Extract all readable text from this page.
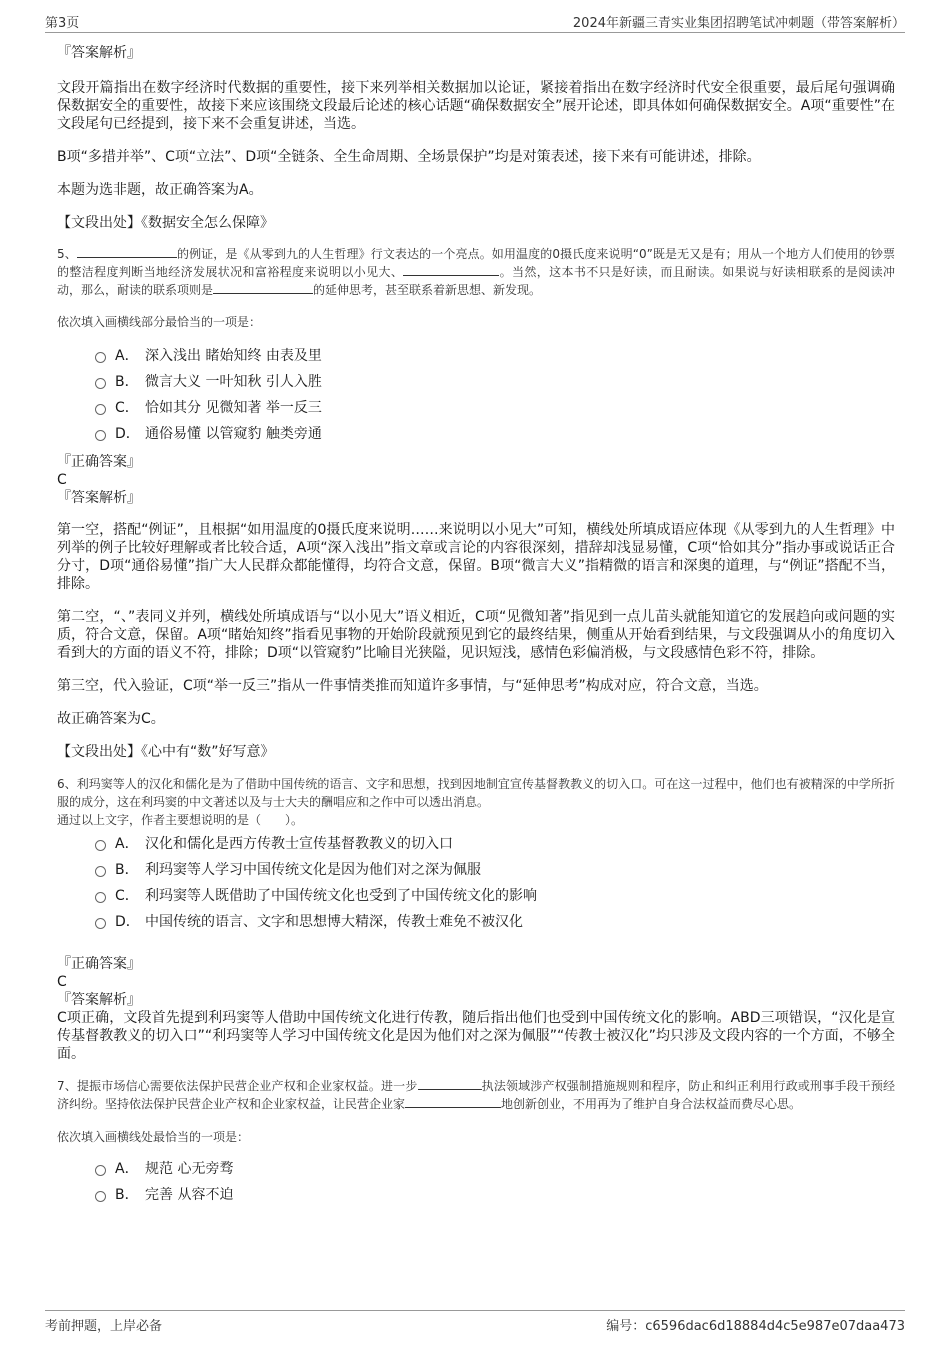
第3页	2024年新疆三青实业集团招聘笔试冲刺题（带答案解析）

『答案解析』

文段开篇指出在数字经济时代数据的重要性，接下来列举相关数据加以论证，紧接着指出在数字经济时代安全很重要，最后尾句强调确保数据安全的重要性，故接下来应该围绕文段最后论述的核心话题“确保数据安全”展开论述，即具体如何确保数据安全。A项“重要性”在文段尾句已经提到，接下来不会重复讲述，当选。

B项“多措并举”、C项“立法”、D项“全链条、全生命周期、全场景保护”均是对策表述，接下来有可能讲述，排除。

本题为选非题，故正确答案为A。

【文段出处】《数据安全怎么保障》

5、	的例证，是《从零到九的人生哲理》行文表达的一个亮点。如用温度的0摄氏度来说明“0”既是无又是有；用从一个地方人们使用的钞票的整洁程度判断当地经济发展状况和富裕程度来说明以小见大、	。当然，这本书不只是好读，而且耐读。如果说与好读相联系的是阅读冲动，那么，耐读的联系项则是	的延伸思考，甚至联系着新思想、新发现。

依次填入画横线部分最恰当的一项是：

A． 深入浅出 睹始知终 由表及里
B． 微言大义 一叶知秋 引人入胜
C． 恰如其分 见微知著 举一反三
D． 通俗易懂 以管窥豹 触类旁通

『正确答案』

C

『答案解析』

第一空，搭配“例证”，且根据“如用温度的0摄氏度来说明……来说明以小见大”可知，横线处所填成语应体现《从零到九的人生哲理》中列举的例子比较好理解或者比较合适，A项“深入浅出”指文章或言论的内容很深刻，措辞却浅显易懂，C项“恰如其分”指办事或说话正合分寸，D项“通俗易懂”指广大人民群众都能懂得，均符合文意，保留。B项“微言大义”指精微的语言和深奥的道理，与“例证”搭配不当，排除。

第二空，“、”表同义并列，横线处所填成语与“以小见大”语义相近，C项“见微知著”指见到一点儿苗头就能知道它的发展趋向或问题的实质，符合文意，保留。A项“睹始知终”指看见事物的开始阶段就预见到它的最终结果，侧重从开始看到结果，与文段强调从小的角度切入看到大的方面的语义不符，排除；D项“以管窥豹”比喻目光狭隘，见识短浅，感情色彩偏消极，与文段感情色彩不符，排除。

第三空，代入验证，C项“举一反三”指从一件事情类推而知道许多事情，与“延伸思考”构成对应，符合文意，当选。

故正确答案为C。

【文段出处】《心中有“数”好写意》

6、利玛窦等人的汉化和儒化是为了借助中国传统的语言、文字和思想，找到因地制宜宣传基督教教义的切入口。可在这一过程中，他们也有被精深的中学所折服的成分，这在利玛窦的中文著述以及与士大夫的酬唱应和之作中可以透出消息。

通过以上文字，作者主要想说明的是（　　）。

A． 汉化和儒化是西方传教士宣传基督教教义的切入口
B． 利玛窦等人学习中国传统文化是因为他们对之深为佩服
C． 利玛窦等人既借助了中国传统文化也受到了中国传统文化的影响
D． 中国传统的语言、文字和思想博大精深，传教士难免不被汉化

『正确答案』

C

『答案解析』

C项正确，文段首先提到利玛窦等人借助中国传统文化进行传教，随后指出他们也受到中国传统文化的影响。ABD三项错误，“汉化是宣传基督教教义的切入口”“利玛窦等人学习中国传统文化是因为他们对之深为佩服”“传教士被汉化”均只涉及文段内容的一个方面，不够全面。

7、提振市场信心需要依法保护民营企业产权和企业家权益。进一步	执法领域涉产权强制措施规则和程序，防止和纠正利用行政或刑事手段干预经济纠纷。坚持依法保护民营企业产权和企业家权益，让民营企业家	地创新创业，不用再为了维护自身合法权益而费尽心思。

依次填入画横线处最恰当的一项是：

A． 规范 心无旁骛
B． 完善 从容不迫
考前押题，上岸必备	编号：c6596dac6d18884d4c5e987e07daa473
